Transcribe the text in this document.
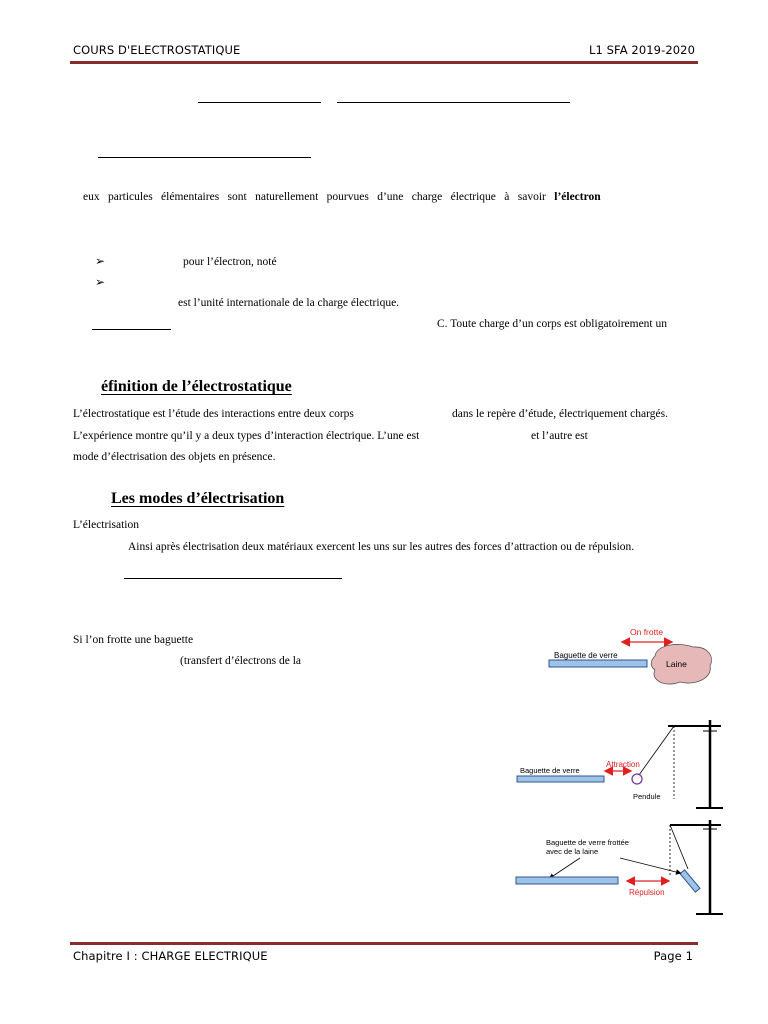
COURS D'ELECTROSTATIQUE	L1 SFA 2019-2020
eux particules élémentaires sont naturellement pourvues d’une charge électrique à savoir l’électron
➢	pour l’électron, noté
➢
est l’unité internationale de la charge électrique.
C. Toute charge d’un corps est obligatoirement un
éfinition de l’électrostatique
L’électrostatique est l’étude des interactions entre deux corps	dans le repère d’étude, électriquement chargés.
L’expérience montre qu’il y a deux types d’interaction électrique. L’une est	et l’autre est
mode d’électrisation des objets en présence.
Les modes d’électrisation
L’électrisation
Ainsi après électrisation deux matériaux exercent les uns sur les autres des forces d’attraction ou de répulsion.
Si l’on frotte une baguette
(transfert d’électrons de la
On frotte
Baguette de verre
Laine
Pendule
Baguette de verre
Attraction
Baguette de verre frottée
avec de la laine
Répulsion
Chapitre I : CHARGE ELECTRIQUE	Page 1
